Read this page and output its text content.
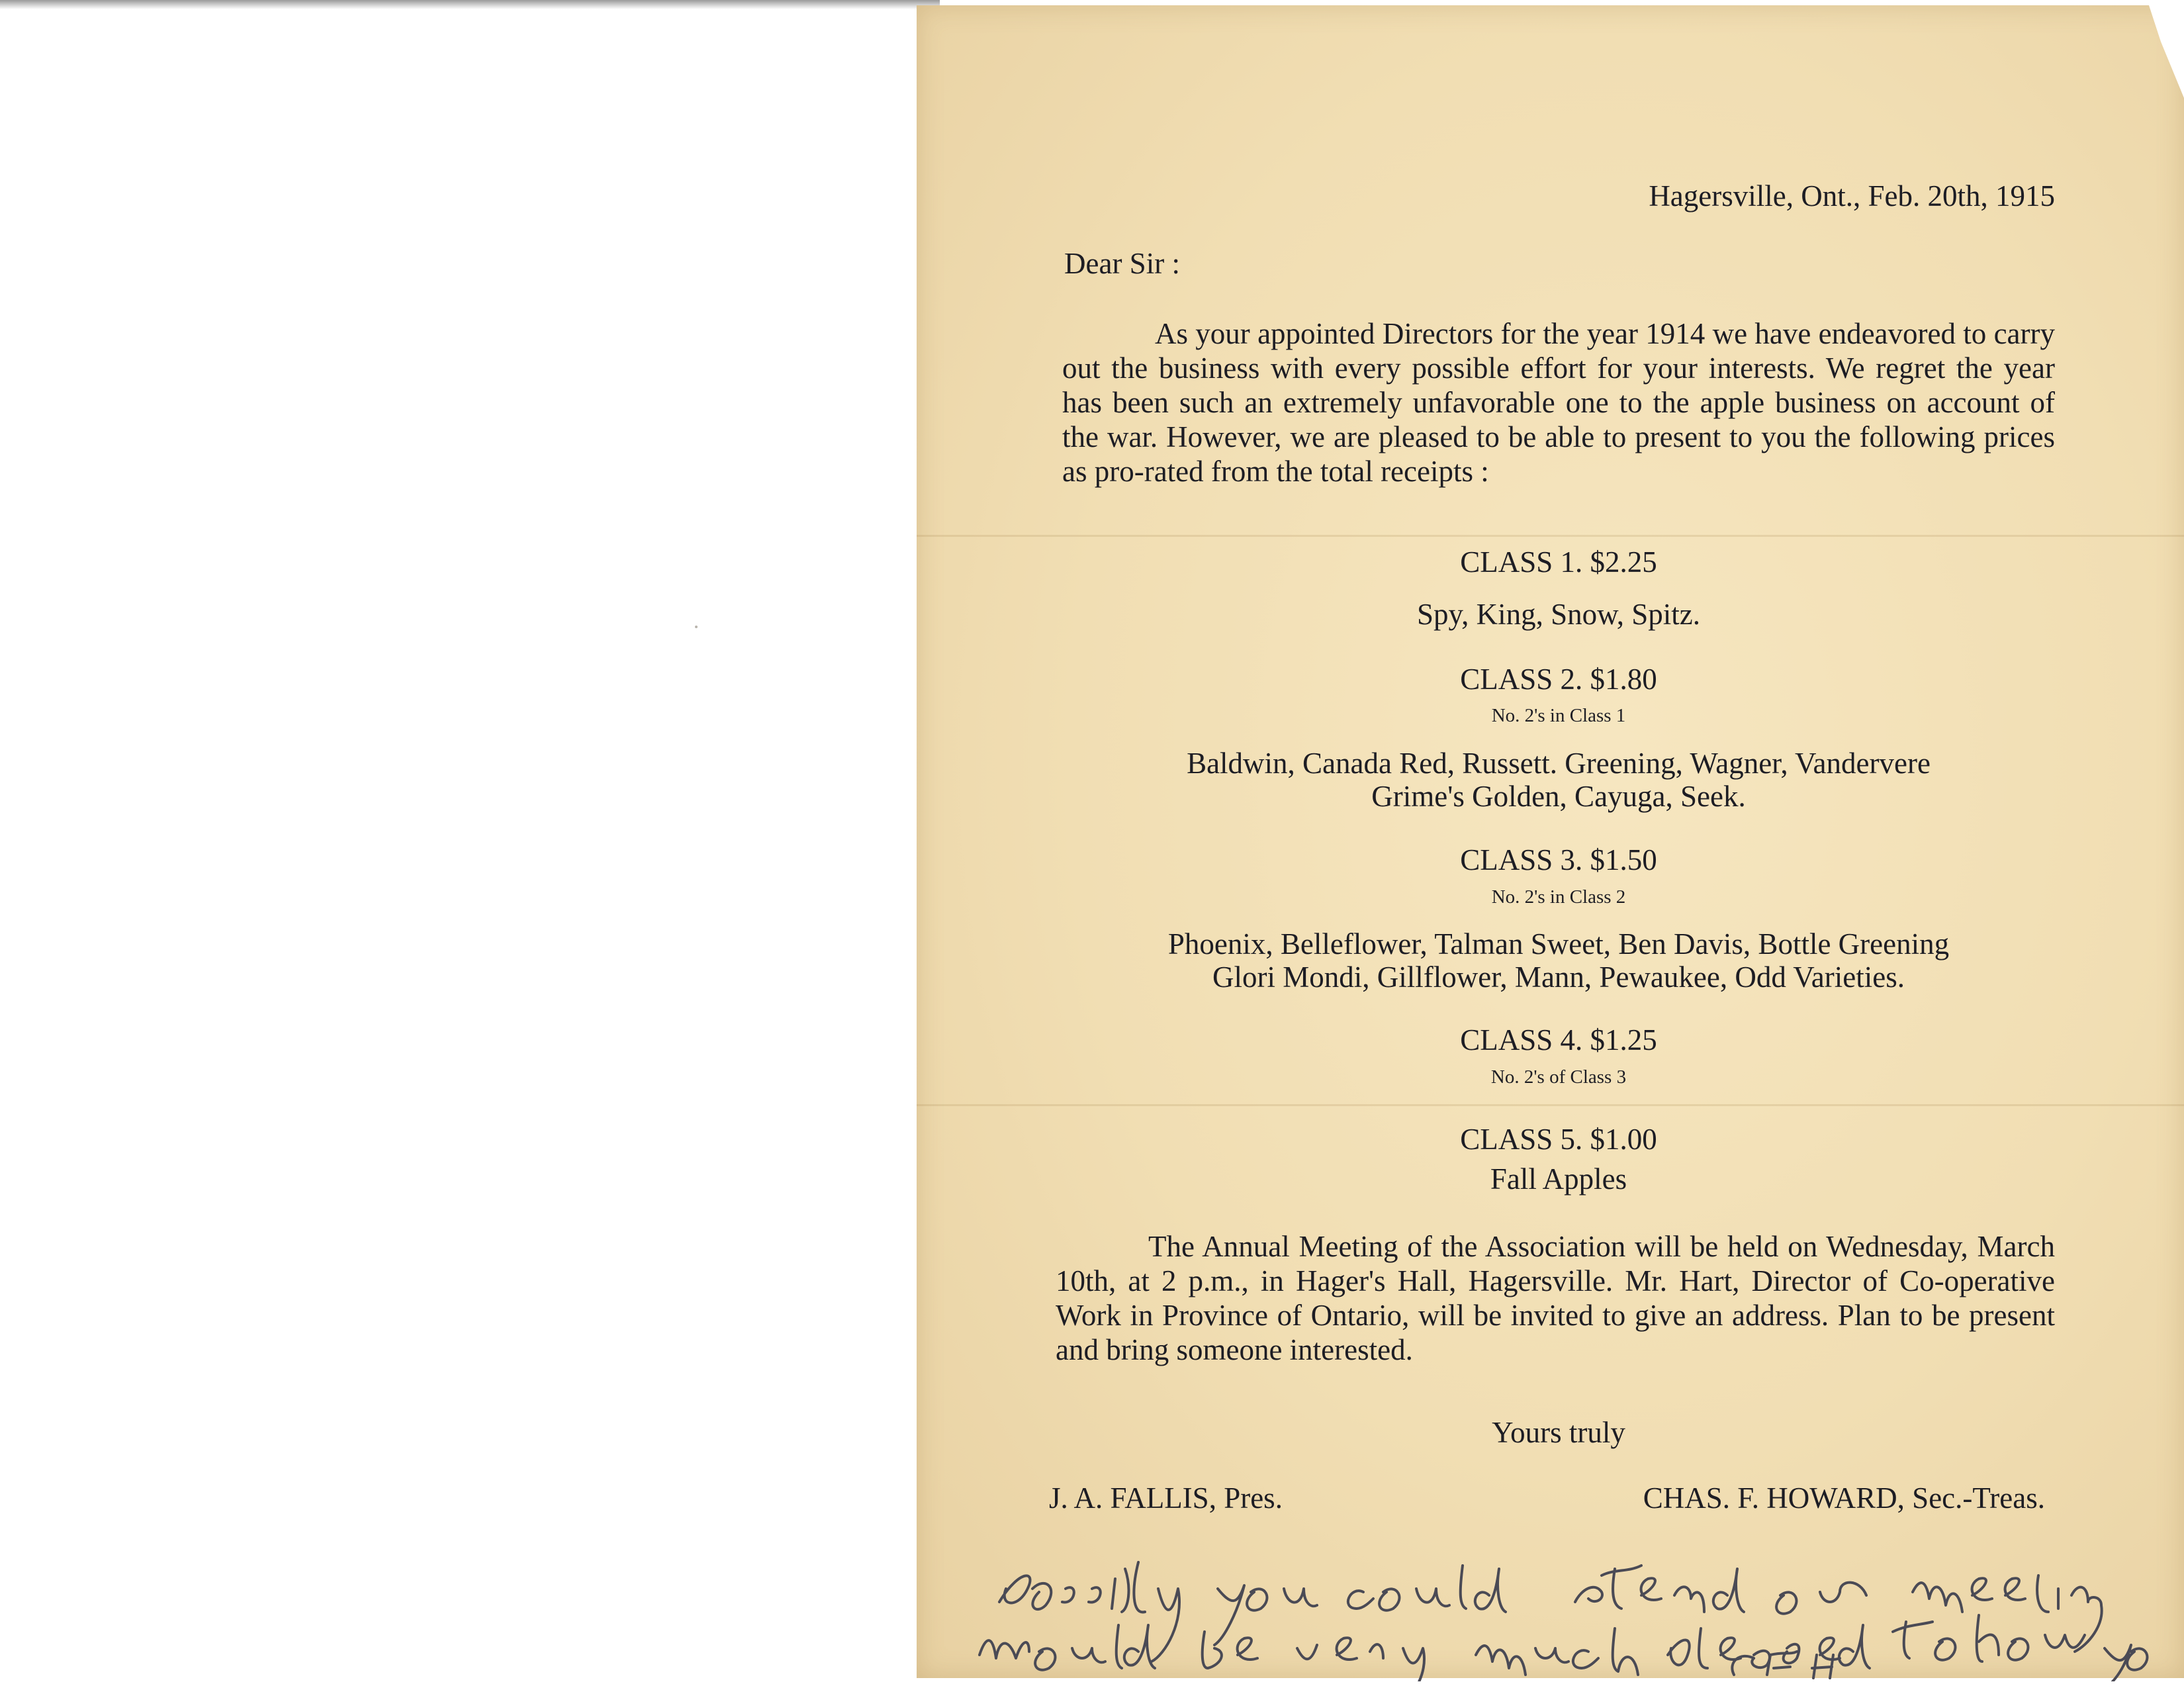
Hagersville, Ont., Feb. 20th, 1915
Dear Sir :
As your appointed Directors for the year 1914 we have endeavored to carry out the business with every possible effort for your interests. We regret the year has been such an extremely unfavorable one to the apple business on account of the war. However, we are pleased to be able to present to you the following prices as pro-rated from the total receipts :
CLASS 1. $2.25
Spy, King, Snow, Spitz.
CLASS 2. $1.80
No. 2's in Class 1
Baldwin, Canada Red, Russett. Greening, Wagner, Vandervere
Grime's Golden, Cayuga, Seek.
CLASS 3. $1.50
No. 2's in Class 2
Phoenix, Belleflower, Talman Sweet, Ben Davis, Bottle Greening
Glori Mondi, Gillflower, Mann, Pewaukee, Odd Varieties.
CLASS 4. $1.25
No. 2's of Class 3
CLASS 5. $1.00
Fall Apples
The Annual Meeting of the Association will be held on Wednesday, March 10th, at 2 p.m., in Hager's Hall, Hagersville. Mr. Hart, Director of Co-operative Work in Province of Ontario, will be invited to give an address. Plan to be present and bring someone interested.
Yours truly
J. A. FALLIS, Pres.	CHAS. F. HOWARD, Sec.-Treas.
